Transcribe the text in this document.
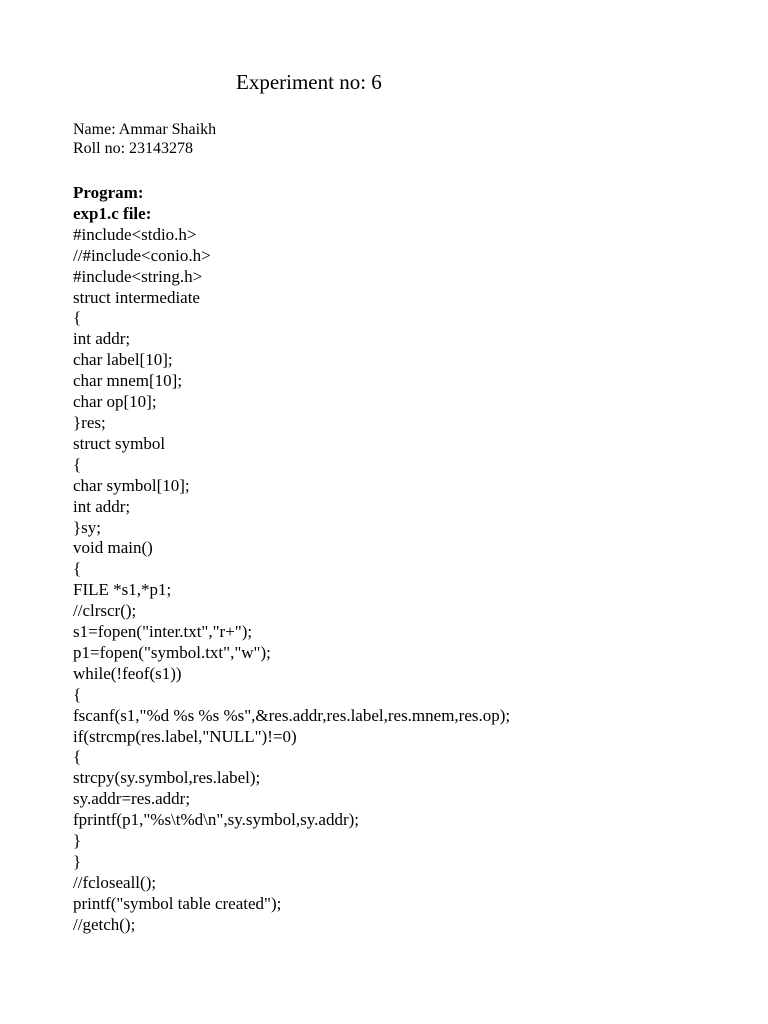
Experiment no: 6
Name: Ammar Shaikh
Roll no: 23143278
Program:
exp1.c file:
#include<stdio.h>
//#include<conio.h>
#include<string.h>
struct intermediate
{
int addr;
char label[10];
char mnem[10];
char op[10];
}res;
struct symbol
{
char symbol[10];
int addr;
}sy;
void main()
{
FILE *s1,*p1;
//clrscr();
s1=fopen("inter.txt","r+");
p1=fopen("symbol.txt","w");
while(!feof(s1))
{
fscanf(s1,"%d %s %s %s",&res.addr,res.label,res.mnem,res.op);
if(strcmp(res.label,"NULL")!=0)
{
strcpy(sy.symbol,res.label);
sy.addr=res.addr;
fprintf(p1,"%s\t%d\n",sy.symbol,sy.addr);
}
}
//fcloseall();
printf("symbol table created");
//getch();
